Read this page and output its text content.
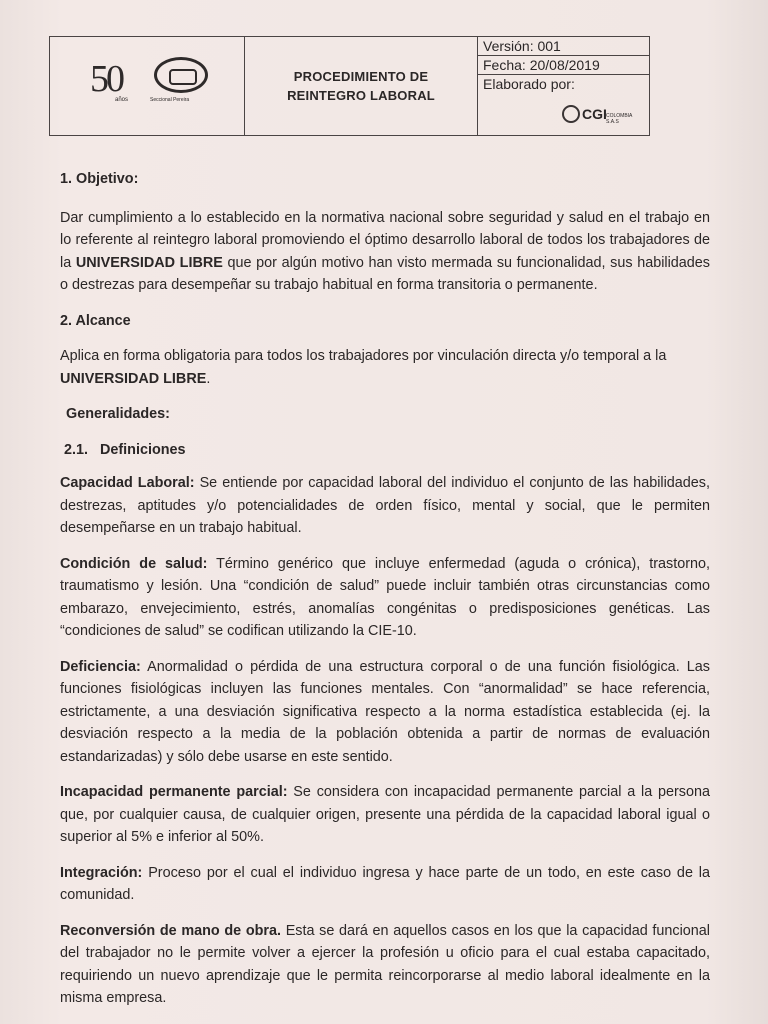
50
años	Seccional Pereira
PROCEDIMIENTO DE
REINTEGRO LABORAL
Versión: 001
Fecha: 20/08/2019
Elaborado por:
CGI COLOMBIA S.A.S

1. Objetivo:

Dar cumplimiento a lo establecido en la normativa nacional sobre seguridad y salud en el trabajo en lo referente al reintegro laboral promoviendo el óptimo desarrollo laboral de todos los trabajadores de la UNIVERSIDAD LIBRE que por algún motivo han visto mermada su funcionalidad, sus habilidades o destrezas para desempeñar su trabajo habitual en forma transitoria o permanente.

2. Alcance

Aplica en forma obligatoria para todos los trabajadores por vinculación directa y/o temporal a la UNIVERSIDAD LIBRE.

Generalidades:

2.1.   Definiciones

Capacidad Laboral: Se entiende por capacidad laboral del individuo el conjunto de las habilidades, destrezas, aptitudes y/o potencialidades de orden físico, mental y social, que le permiten desempeñarse en un trabajo habitual.

Condición de salud: Término genérico que incluye enfermedad (aguda o crónica), trastorno, traumatismo y lesión. Una “condición de salud” puede incluir también otras circunstancias como embarazo, envejecimiento, estrés, anomalías congénitas o predisposiciones genéticas. Las “condiciones de salud” se codifican utilizando la CIE-10.

Deficiencia: Anormalidad o pérdida de una estructura corporal o de una función fisiológica. Las funciones fisiológicas incluyen las funciones mentales. Con “anormalidad” se hace referencia, estrictamente, a una desviación significativa respecto a la norma estadística establecida (ej. la desviación respecto a la media de la población obtenida a partir de normas de evaluación estandarizadas) y sólo debe usarse en este sentido.

Incapacidad permanente parcial: Se considera con incapacidad permanente parcial a la persona que, por cualquier causa, de cualquier origen, presente una pérdida de la capacidad laboral igual o superior al 5% e inferior al 50%.

Integración: Proceso por el cual el individuo ingresa y hace parte de un todo, en este caso de la comunidad.

Reconversión de mano de obra. Esta se dará en aquellos casos en los que la capacidad funcional del trabajador no le permite volver a ejercer la profesión u oficio para el cual estaba capacitado, requiriendo un nuevo aprendizaje que le permita reincorporarse al medio laboral idealmente en la misma empresa.
